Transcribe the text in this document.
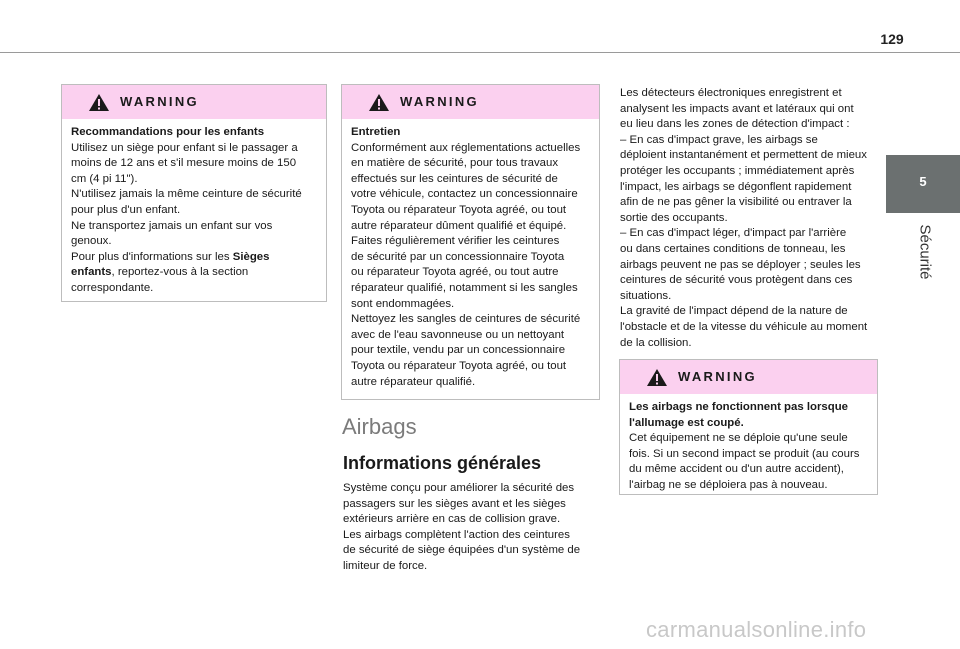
129
5
Sécurité
WARNING

Recommandations pour les enfants

Utilisez un siège pour enfant si le passager a

moins de 12 ans et s'il mesure moins de 150

cm (4 pi 11").

N'utilisez jamais la même ceinture de sécurité

pour plus d'un enfant.

Ne transportez jamais un enfant sur vos

genoux.

Pour plus d'informations sur les Sièges

enfants, reportez-vous à la section

correspondante.

WARNING

Entretien

Conformément aux réglementations actuelles

en matière de sécurité, pour tous travaux

effectués sur les ceintures de sécurité de

votre véhicule, contactez un concessionnaire

Toyota ou réparateur Toyota agréé, ou tout

autre réparateur dûment qualifié et équipé.

Faites régulièrement vérifier les ceintures

de sécurité par un concessionnaire Toyota

ou réparateur Toyota agréé, ou tout autre

réparateur qualifié, notamment si les sangles

sont endommagées.

Nettoyez les sangles de ceintures de sécurité

avec de l'eau savonneuse ou un nettoyant

pour textile, vendu par un concessionnaire

Toyota ou réparateur Toyota agréé, ou tout

autre réparateur qualifié.

Airbags
Informations générales

Système conçu pour améliorer la sécurité des

passagers sur les sièges avant et les sièges

extérieurs arrière en cas de collision grave.

Les airbags complètent l'action des ceintures

de sécurité de siège équipées d'un système de

limiteur de force.

Les détecteurs électroniques enregistrent et

analysent les impacts avant et latéraux qui ont

eu lieu dans les zones de détection d'impact :

– En cas d'impact grave, les airbags se

déploient instantanément et permettent de mieux

protéger les occupants ; immédiatement après

l'impact, les airbags se dégonflent rapidement

afin de ne pas gêner la visibilité ou entraver la

sortie des occupants.

– En cas d'impact léger, d'impact par l'arrière

ou dans certaines conditions de tonneau, les

airbags peuvent ne pas se déployer ; seules les

ceintures de sécurité vous protègent dans ces

situations.

La gravité de l'impact dépend de la nature de

l'obstacle et de la vitesse du véhicule au moment

de la collision.

WARNING

Les airbags ne fonctionnent pas lorsque

l'allumage est coupé.

Cet équipement ne se déploie qu'une seule

fois. Si un second impact se produit (au cours

du même accident ou d'un autre accident),

l'airbag ne se déploiera pas à nouveau.

carmanualsonline.info
